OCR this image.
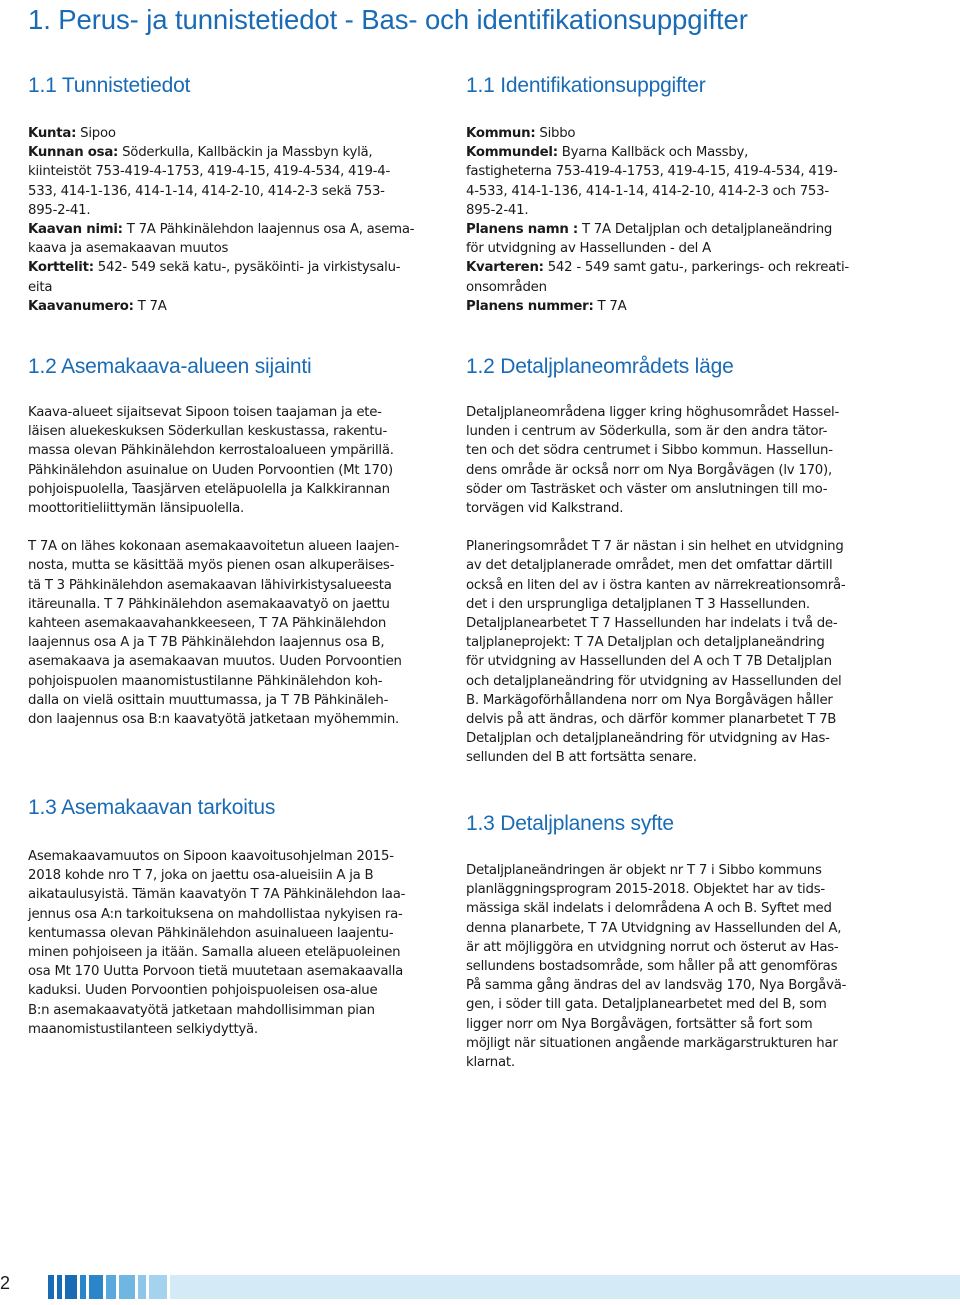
1. Perus- ja tunnistetiedot - Bas- och identifikationsuppgifter
1.1 Tunnistetiedot
Kunta: Sipoo
Kunnan osa: Söderkulla, Kallbäckin ja Massbyn kylä,
kiinteistöt 753-419-4-1753, 419-4-15, 419-4-534, 419-4-
533, 414-1-136, 414-1-14, 414-2-10, 414-2-3 sekä 753-
895-2-41.
Kaavan nimi: T 7A Pähkinälehdon laajennus osa A, asema-
kaava ja asemakaavan muutos
Korttelit: 542- 549 sekä katu-, pysäköinti- ja virkistysalu-
eita
Kaavanumero: T 7A
1.2 Asemakaava-alueen sijainti
Kaava-alueet sijaitsevat Sipoon toisen taajaman ja ete-
läisen aluekeskuksen Söderkullan keskustassa, rakentu-
massa olevan Pähkinälehdon kerrostaloalueen ympärillä.
Pähkinälehdon asuinalue on Uuden Porvoontien (Mt 170)
pohjoispuolella, Taasjärven eteläpuolella ja Kalkkirannan
moottoritieliittymän länsipuolella.
T 7A on lähes kokonaan asemakaavoitetun alueen laajen-
nosta, mutta se käsittää myös pienen osan alkuperäises-
tä T 3 Pähkinälehdon asemakaavan lähivirkistysalueesta
itäreunalla. T 7 Pähkinälehdon asemakaavatyö on jaettu
kahteen asemakaavahankkeeseen, T 7A Pähkinälehdon
laajennus osa A ja T 7B Pähkinälehdon laajennus osa B,
asemakaava ja asemakaavan muutos. Uuden Porvoontien
pohjoispuolen maanomistustilanne Pähkinälehdon koh-
dalla on vielä osittain muuttumassa, ja T 7B Pähkinäleh-
don laajennus osa B:n kaavatyötä jatketaan myöhemmin.
1.3 Asemakaavan tarkoitus
Asemakaavamuutos on Sipoon kaavoitusohjelman 2015-
2018 kohde nro T 7, joka on jaettu osa-alueisiin A ja B
aikataulusyistä. Tämän kaavatyön T 7A Pähkinälehdon laa-
jennus osa A:n tarkoituksena on mahdollistaa nykyisen ra-
kentumassa olevan Pähkinälehdon asuinalueen laajentu-
minen pohjoiseen ja itään. Samalla alueen eteläpuoleinen
osa Mt 170 Uutta Porvoon tietä muutetaan asemakaavalla
kaduksi. Uuden Porvoontien pohjoispuoleisen osa-alue
B:n asemakaavatyötä jatketaan mahdollisimman pian
maanomistustilanteen selkiydyttyä.
1.1 Identifikationsuppgifter
Kommun: Sibbo
Kommundel: Byarna Kallbäck och Massby,
fastigheterna 753-419-4-1753, 419-4-15, 419-4-534, 419-
4-533, 414-1-136, 414-1-14, 414-2-10, 414-2-3 och 753-
895-2-41.
Planens namn : T 7A Detaljplan och detaljplaneändring
för utvidgning av Hassellunden - del A
Kvarteren: 542 - 549 samt gatu-, parkerings- och rekreati-
onsområden
Planens nummer: T 7A
1.2 Detaljplaneområdets läge
Detaljplaneområdena ligger kring höghusområdet Hassel-
lunden i centrum av Söderkulla, som är den andra tätor-
ten och det södra centrumet i Sibbo kommun. Hassellun-
dens område är också norr om Nya Borgåvägen (lv 170),
söder om Tasträsket och väster om anslutningen till mo-
torvägen vid Kalkstrand.
Planeringsområdet T 7 är nästan i sin helhet en utvidgning
av det detaljplanerade området, men det omfattar därtill
också en liten del av i östra kanten av närrekreationsområ-
det i den ursprungliga detaljplanen T 3 Hassellunden.
Detaljplanearbetet T 7 Hassellunden har indelats i två de-
taljplaneprojekt: T 7A Detaljplan och detaljplaneändring
för utvidgning av Hassellunden del A och T 7B Detaljplan
och detaljplaneändring för utvidgning av Hassellunden del
B. Markägoförhållandena norr om Nya Borgåvägen håller
delvis på att ändras, och därför kommer planarbetet T 7B
Detaljplan och detaljplaneändring för utvidgning av Has-
sellunden del B att fortsätta senare.
1.3 Detaljplanens syfte
Detaljplaneändringen är objekt nr T 7 i Sibbo kommuns
planläggningsprogram 2015-2018. Objektet har av tids-
mässiga skäl indelats i delområdena A och B. Syftet med
denna planarbete, T 7A Utvidgning av Hassellunden del A,
är att möjliggöra en utvidgning norrut och österut av Has-
sellundens bostadsområde, som håller på att genomföras
På samma gång ändras del av landsväg 170, Nya Borgåvä-
gen, i söder till gata. Detaljplanearbetet med del B, som
ligger norr om Nya Borgåvägen, fortsätter så fort som
möjligt när situationen angående markägarstrukturen har
klarnat.
2
